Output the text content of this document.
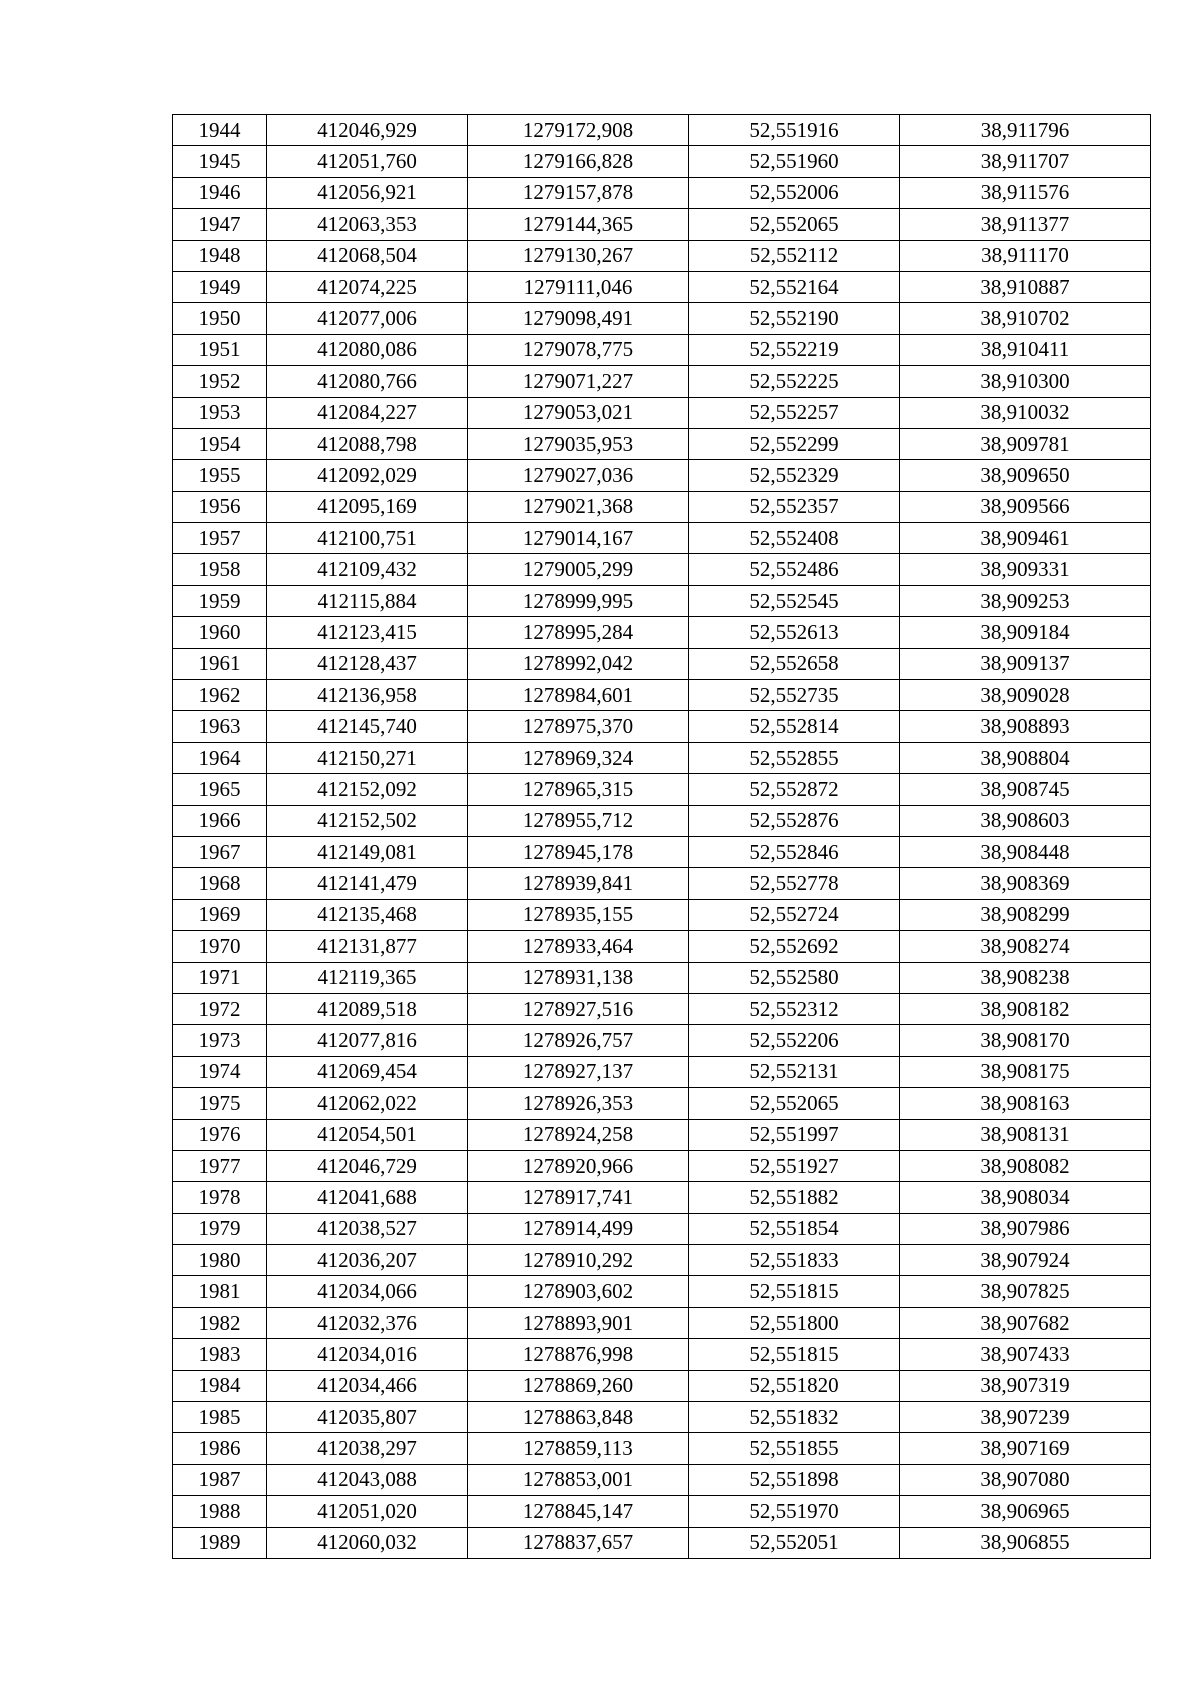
1944	412046,929	1279172,908	52,551916	38,911796
1945	412051,760	1279166,828	52,551960	38,911707
1946	412056,921	1279157,878	52,552006	38,911576
1947	412063,353	1279144,365	52,552065	38,911377
1948	412068,504	1279130,267	52,552112	38,911170
1949	412074,225	1279111,046	52,552164	38,910887
1950	412077,006	1279098,491	52,552190	38,910702
1951	412080,086	1279078,775	52,552219	38,910411
1952	412080,766	1279071,227	52,552225	38,910300
1953	412084,227	1279053,021	52,552257	38,910032
1954	412088,798	1279035,953	52,552299	38,909781
1955	412092,029	1279027,036	52,552329	38,909650
1956	412095,169	1279021,368	52,552357	38,909566
1957	412100,751	1279014,167	52,552408	38,909461
1958	412109,432	1279005,299	52,552486	38,909331
1959	412115,884	1278999,995	52,552545	38,909253
1960	412123,415	1278995,284	52,552613	38,909184
1961	412128,437	1278992,042	52,552658	38,909137
1962	412136,958	1278984,601	52,552735	38,909028
1963	412145,740	1278975,370	52,552814	38,908893
1964	412150,271	1278969,324	52,552855	38,908804
1965	412152,092	1278965,315	52,552872	38,908745
1966	412152,502	1278955,712	52,552876	38,908603
1967	412149,081	1278945,178	52,552846	38,908448
1968	412141,479	1278939,841	52,552778	38,908369
1969	412135,468	1278935,155	52,552724	38,908299
1970	412131,877	1278933,464	52,552692	38,908274
1971	412119,365	1278931,138	52,552580	38,908238
1972	412089,518	1278927,516	52,552312	38,908182
1973	412077,816	1278926,757	52,552206	38,908170
1974	412069,454	1278927,137	52,552131	38,908175
1975	412062,022	1278926,353	52,552065	38,908163
1976	412054,501	1278924,258	52,551997	38,908131
1977	412046,729	1278920,966	52,551927	38,908082
1978	412041,688	1278917,741	52,551882	38,908034
1979	412038,527	1278914,499	52,551854	38,907986
1980	412036,207	1278910,292	52,551833	38,907924
1981	412034,066	1278903,602	52,551815	38,907825
1982	412032,376	1278893,901	52,551800	38,907682
1983	412034,016	1278876,998	52,551815	38,907433
1984	412034,466	1278869,260	52,551820	38,907319
1985	412035,807	1278863,848	52,551832	38,907239
1986	412038,297	1278859,113	52,551855	38,907169
1987	412043,088	1278853,001	52,551898	38,907080
1988	412051,020	1278845,147	52,551970	38,906965
1989	412060,032	1278837,657	52,552051	38,906855
